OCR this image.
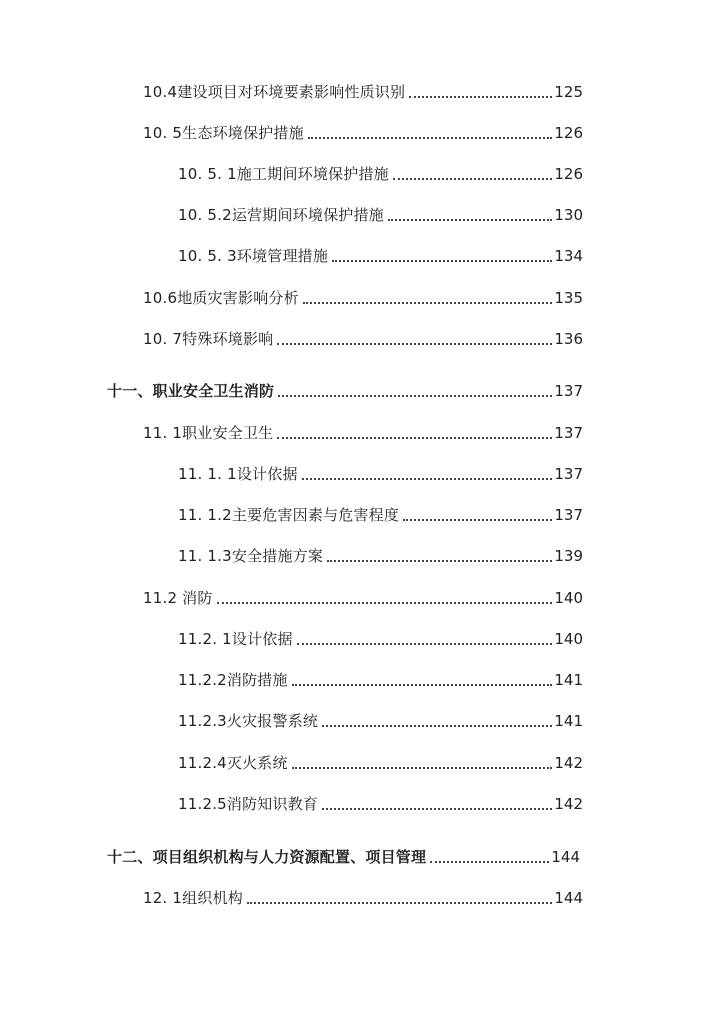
10.4建设项目对环境要素影响性质识别	125
10. 5生态环境保护措施	126
10. 5. 1施工期间环境保护措施	126
10. 5.2运营期间环境保护措施	130
10. 5. 3环境管理措施	134
10.6地质灾害影响分析	135
10. 7特殊环境影响	136
十一、职业安全卫生消防	137
11. 1职业安全卫生	137
11. 1. 1设计依据	137
11. 1.2主要危害因素与危害程度	137
11. 1.3安全措施方案	139
11.2 消防	140
11.2. 1设计依据	140
11.2.2消防措施	141
11.2.3火灾报警系统	141
11.2.4灭火系统	142
11.2.5消防知识教育	142
十二、项目组织机构与人力资源配置、项目管理	144
12. 1组织机构	144
